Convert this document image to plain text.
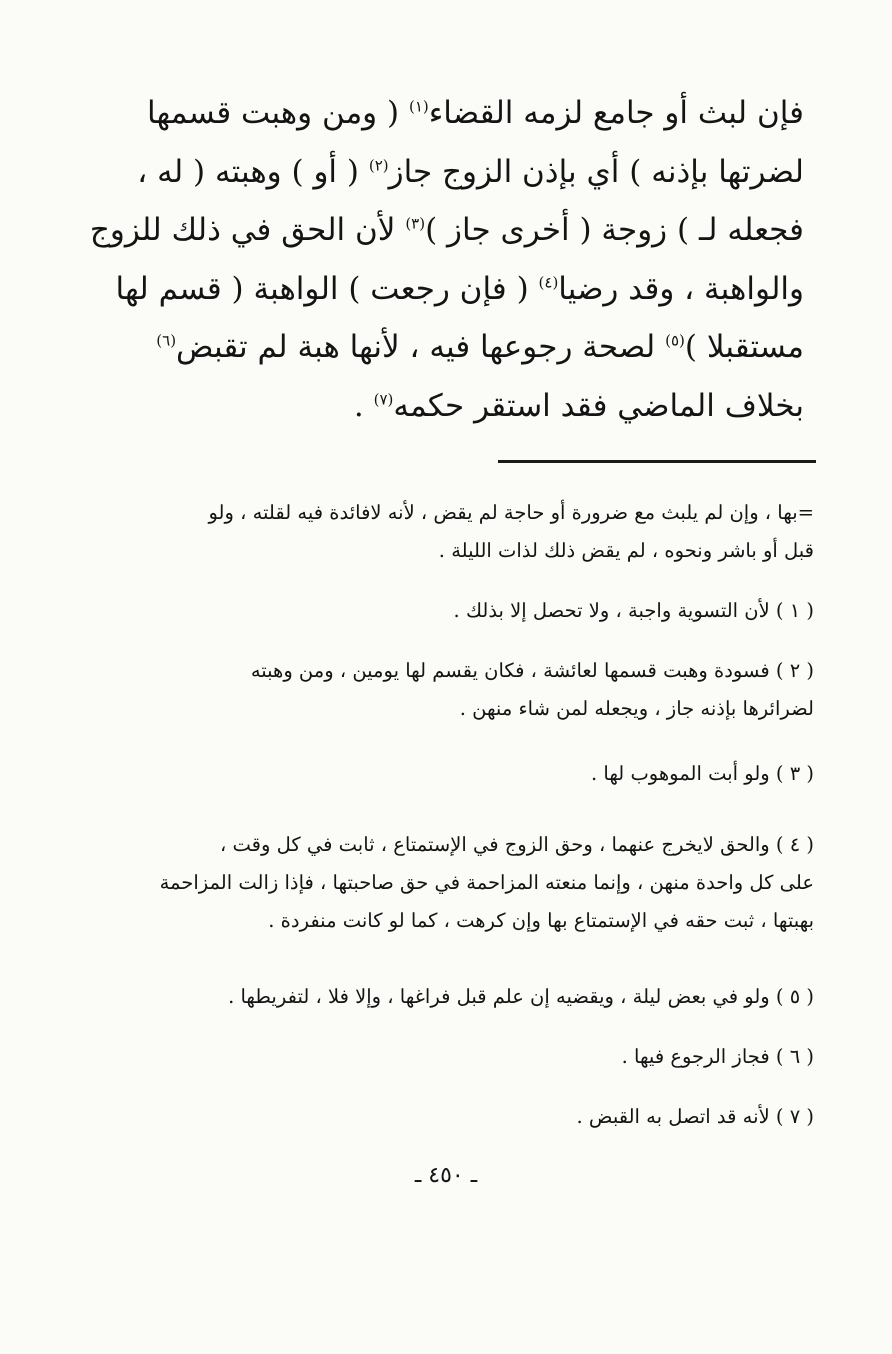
فإن لبث أو جامع لزمه القضاء$^{(١)}$ ( ومن وهبت قسمها
لضرتها بإذنه ) أي بإذن الزوج جاز$^{(٢)}$ ( أو ) وهبته ( له ،
فجعله لـ ) زوجة ( أخرى جاز )$^{(٣)}$ لأن الحق في ذلك للزوج
والواهبة ، وقد رضيا$^{(٤)}$ ( فإن رجعت ) الواهبة ( قسم لها
مستقبلا )$^{(٥)}$ لصحة رجوعها فيه ، لأنها هبة لم تقبض$^{(٦)}$
بخلاف الماضي فقد استقر حكمه$^{(٧)}$ .
=بها ، وإن لم يلبث مع ضرورة أو حاجة لم يقض ، لأنه لافائدة فيه لقلته ، ولو
قبل أو باشر ونحوه ، لم يقض ذلك لذات الليلة .
( ١ ) لأن التسوية واجبة ، ولا تحصل إلا بذلك .
( ٢ ) فسودة وهبت قسمها لعائشة ، فكان يقسم لها يومين ، ومن وهبته
لضرائرها بإذنه جاز ، ويجعله لمن شاء منهن .
( ٣ ) ولو أبت الموهوب لها .
( ٤ ) والحق لايخرج عنهما ، وحق الزوج في الإستمتاع ، ثابت في كل وقت ،
على كل واحدة منهن ، وإنما منعته المزاحمة في حق صاحبتها ، فإذا زالت المزاحمة
بهبتها ، ثبت حقه في الإستمتاع بها وإن كرهت ، كما لو كانت منفردة .
( ٥ ) ولو في بعض ليلة ، ويقضيه إن علم قبل فراغها ، وإلا فلا ، لتفريطها .
( ٦ ) فجاز الرجوع فيها .
( ٧ ) لأنه قد اتصل به القبض .
ـ ٤٥٠ ـ
